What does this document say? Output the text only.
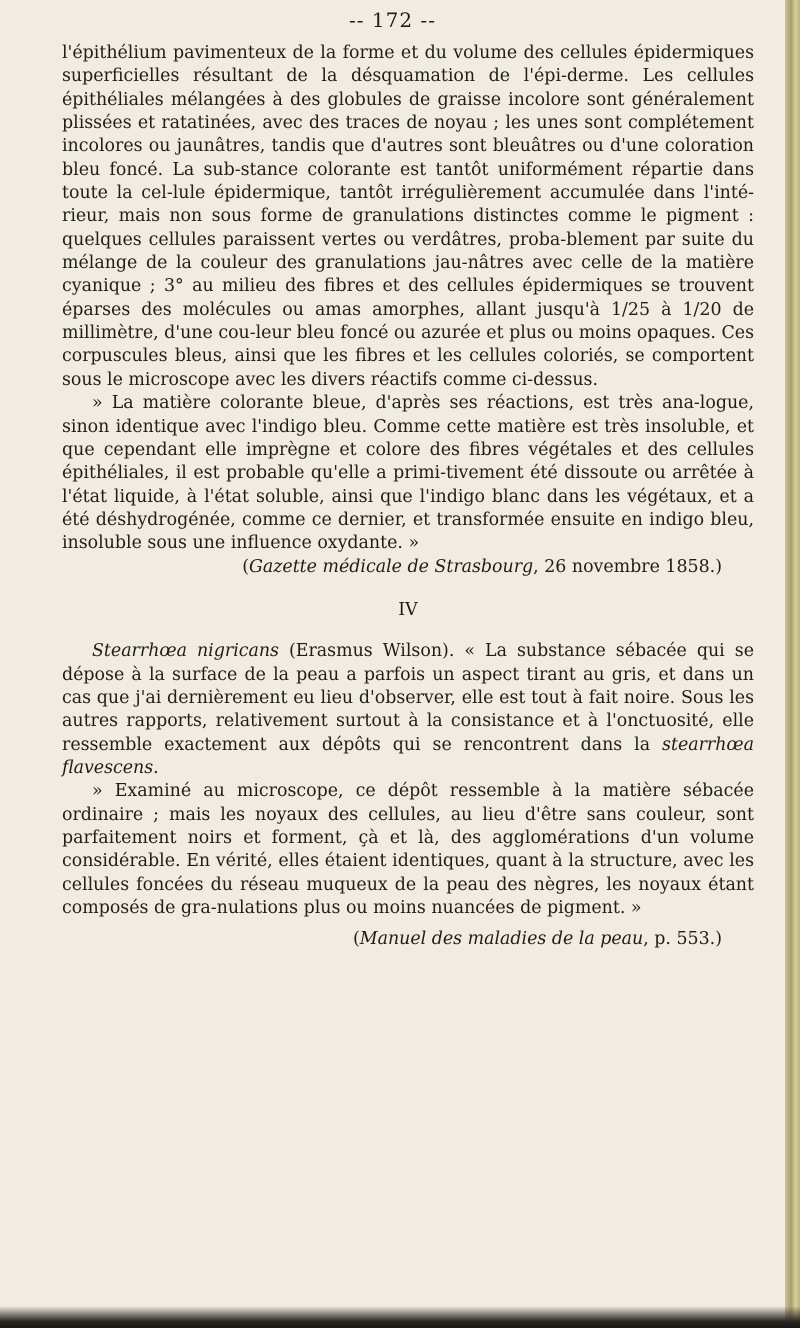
-- 172 --

l'épithélium pavimenteux de la forme et du volume des cellules épidermiques superficielles résultant de la désquamation de l'épi-derme. Les cellules épithéliales mélangées à des globules de graisse incolore sont généralement plissées et ratatinées, avec des traces de noyau ; les unes sont complétement incolores ou jaunâtres, tandis que d'autres sont bleuâtres ou d'une coloration bleu foncé. La sub-stance colorante est tantôt uniformément répartie dans toute la cel-lule épidermique, tantôt irrégulièrement accumulée dans l'inté-rieur, mais non sous forme de granulations distinctes comme le pigment : quelques cellules paraissent vertes ou verdâtres, proba-blement par suite du mélange de la couleur des granulations jau-nâtres avec celle de la matière cyanique ; 3° au milieu des fibres et des cellules épidermiques se trouvent éparses des molécules ou amas amorphes, allant jusqu'à 1/25 à 1/20 de millimètre, d'une cou-leur bleu foncé ou azurée et plus ou moins opaques. Ces corpuscules bleus, ainsi que les fibres et les cellules coloriés, se comportent sous le microscope avec les divers réactifs comme ci-dessus.

» La matière colorante bleue, d'après ses réactions, est très ana-logue, sinon identique avec l'indigo bleu. Comme cette matière est très insoluble, et que cependant elle imprègne et colore des fibres végétales et des cellules épithéliales, il est probable qu'elle a primi-tivement été dissoute ou arrêtée à l'état liquide, à l'état soluble, ainsi que l'indigo blanc dans les végétaux, et a été déshydrogénée, comme ce dernier, et transformée ensuite en indigo bleu, insoluble sous une influence oxydante. »

(Gazette médicale de Strasbourg, 26 novembre 1858.)

IV

Stearrhœa nigricans (Erasmus Wilson). « La substance sébacée qui se dépose à la surface de la peau a parfois un aspect tirant au gris, et dans un cas que j'ai dernièrement eu lieu d'observer, elle est tout à fait noire. Sous les autres rapports, relativement surtout à la consistance et à l'onctuosité, elle ressemble exactement aux dépôts qui se rencontrent dans la stearrhœa flavescens.

» Examiné au microscope, ce dépôt ressemble à la matière sébacée ordinaire ; mais les noyaux des cellules, au lieu d'être sans couleur, sont parfaitement noirs et forment, çà et là, des agglomérations d'un volume considérable. En vérité, elles étaient identiques, quant à la structure, avec les cellules foncées du réseau muqueux de la peau des nègres, les noyaux étant composés de gra-nulations plus ou moins nuancées de pigment. »

(Manuel des maladies de la peau, p. 553.)
